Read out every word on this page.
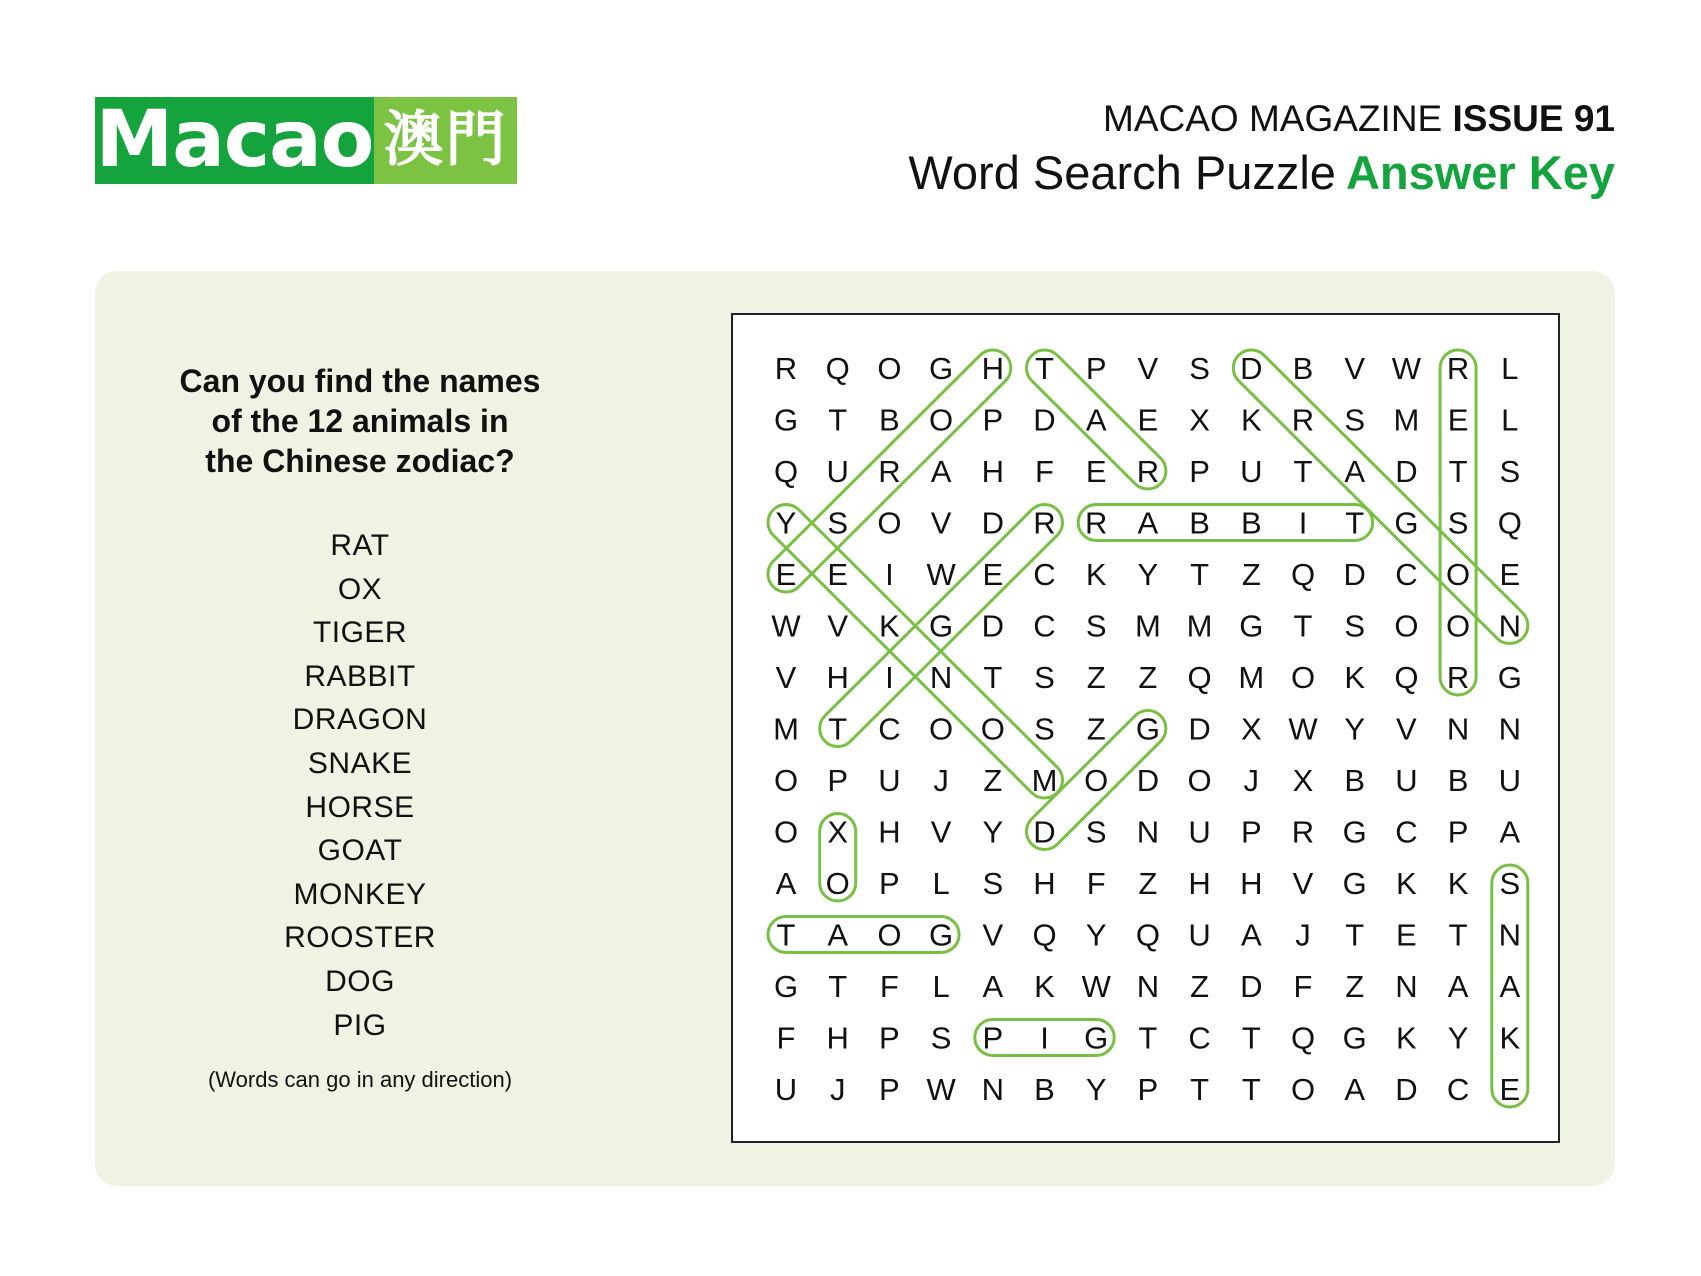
Macao 澳門	MACAO MAGAZINE ISSUE 91
Word Search Puzzle Answer Key
Can you find the names
of the 12 animals in
the Chinese zodiac?
RAT
OX
TIGER
RABBIT
DRAGON
SNAKE
HORSE
GOAT
MONKEY
ROOSTER
DOG
PIG
(Words can go in any direction)
R Q O G H T P V S D B V W R L
G T B O P D A E X K R S M E L
Q U R A H F E R P U T A D T S
Y S O V D R R A B B I T G S Q
E E I W E C K Y T Z Q D C O E
W V K G D C S M M G T S O O N
V H I N T S Z Z Q M O K Q R G
M T C O O S Z G D X W Y V N N
O P U J Z M O D O J X B U B U
O X H V Y D S N U P R G C P A
A O P L S H F Z H H V G K K S
T A O G V Q Y Q U A J T E T N
G T F L A K W N Z D F Z N A A
F H P S P I G T C T Q G K Y K
U J P W N B Y P T T O A D C E
